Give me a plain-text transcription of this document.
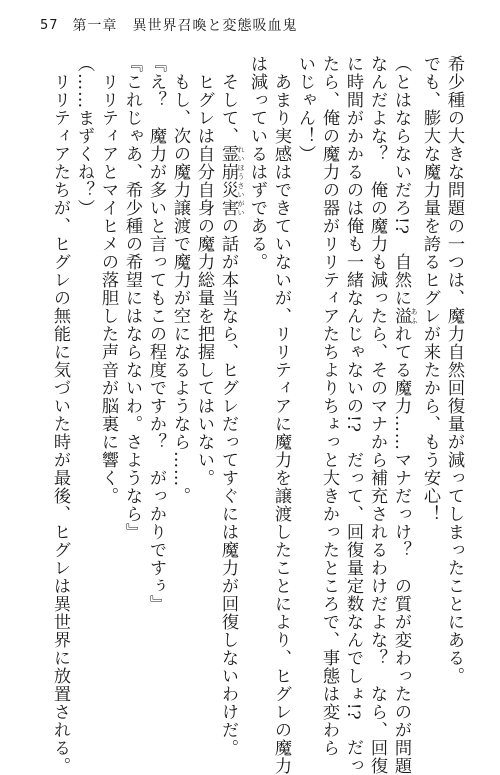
57 第一章　異世界召喚と変態吸血鬼
希少種の大きな問題の一つは、魔力自然回復量が減ってしまったことにある。
でも、膨大な魔力量を誇るヒグレが来たから、もう安心！
（とはならないだろ!?　自然に溢 あふれてる魔力……マナだっけ？　の質が変わったのが問題
なんだよな？　俺の魔力も減ったら、そのマナから補充されるわけだよな？　なら、回復
に時間がかかるのは俺も一緒なんじゃないの!?　だって、回復量定数なんでしょ!?　だっ
たら、俺の魔力の器がリリティアたちよりちょっと大きかったところで、事態は変わら
いじゃん！）
　あまり実感はできていないが、リリティアに魔力を譲渡したことにより、ヒグレの魔力
は減っているはずである。
　そして、霊崩災害 れいほうさいがいの話が本当なら、ヒグレだってすぐには魔力が回復しないわけだ。
　ヒグレは自分自身の魔力総量を把握してはいない。
　もし、次の魔力譲渡で魔力が空になるようなら……。
『え？　魔力が多いと言ってもこの程度ですか？　がっかりですぅ』
『これじゃあ、希少種の希望にはならないわ。さようなら』
　リリティアとマイヒメの落胆した声音が脳裏に響く。
（……まずくね？）
　リリティアたちが、ヒグレの無能に気づいた時が最後、ヒグレは異世界に放置される。
